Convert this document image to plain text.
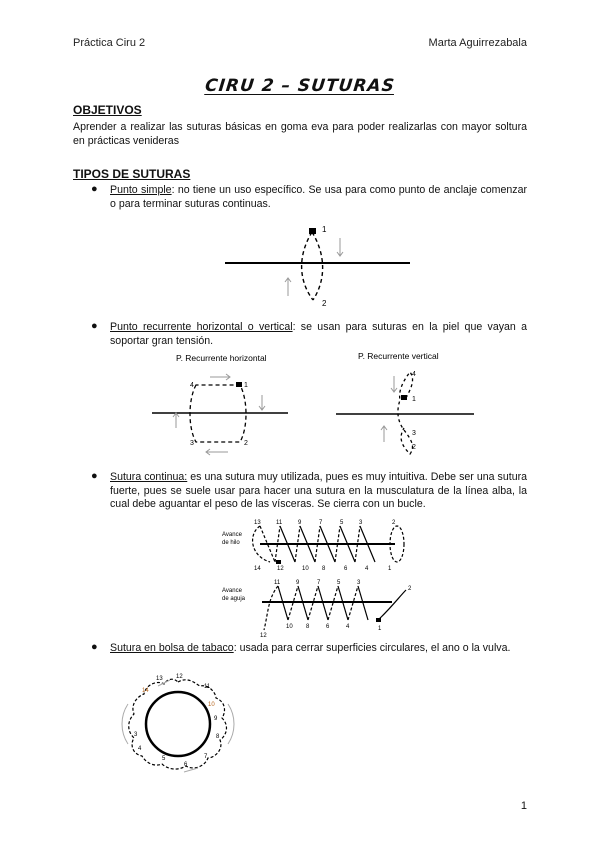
Práctica Ciru 2	Marta Aguirrezabala
CIRU 2 – SUTURAS
OBJETIVOS
Aprender a realizar las suturas básicas en goma eva para poder realizarlas con mayor soltura en prácticas venideras
TIPOS DE SUTURAS
● Punto simple: no tiene un uso específico. Se usa para como punto de anclaje comenzar o para terminar suturas continuas.
1
2
● Punto recurrente horizontal o vertical: se usan para suturas en la piel que vayan a soportar gran tensión.
P. Recurrente horizontal
4	1
3	2
P. Recurrente vertical
4
1
3
2
● Sutura continua: es una sutura muy utilizada, pues es muy intuitiva. Debe ser una sutura fuerte, pues se suele usar para hacer una sutura en la musculatura de la línea alba, la cual debe aguantar el peso de las vísceras. Se cierra con un bucle.
Avance
de hilo
13	11	9	7	5	3	2
14	12	10 8	6	4	1
Avance
de aguja
11	9	7	5	3
2
12
10 8	6	4	1
● Sutura en bolsa de tabaco: usada para cerrar superficies circulares, el ano o la vulva.
13 12
14
11
10
9
8
7
6
5
4
3
1
